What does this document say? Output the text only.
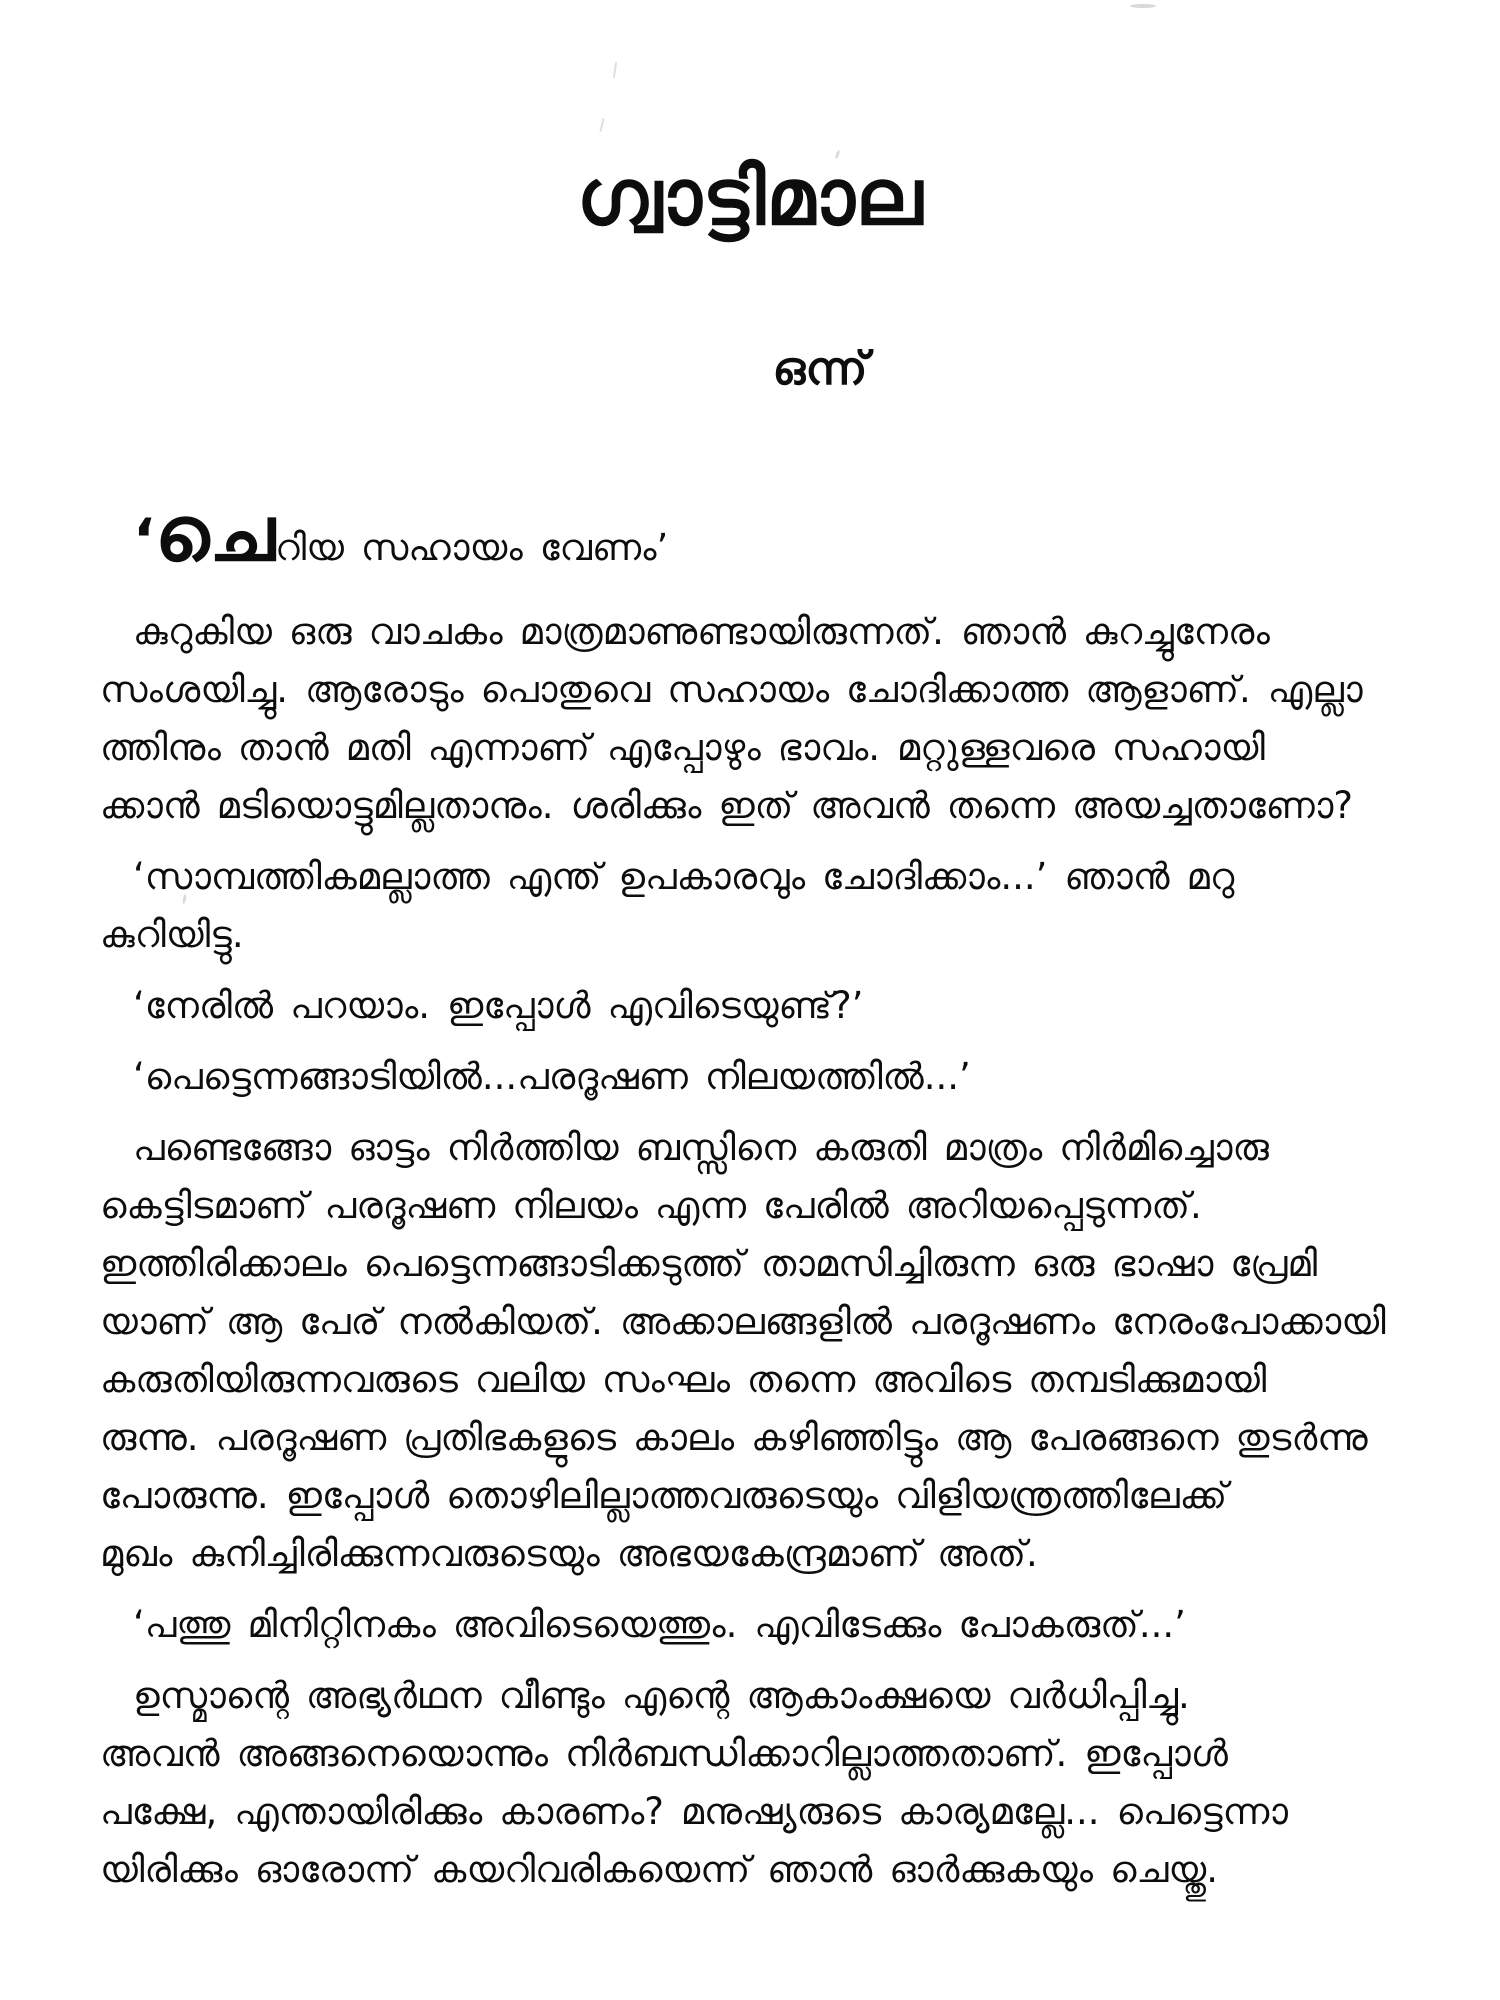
ഗ്വാട്ടിമാല
ഒന്ന്
‘ചെറിയ സഹായം വേണം’
കുറുകിയ ഒരു വാചകം മാത്രമാണുണ്ടായിരുന്നത്. ഞാൻ കുറച്ചുനേരം
സംശയിച്ചു. ആരോടും പൊതുവെ സഹായം ചോദിക്കാത്ത ആളാണ്. എല്ലാ
ത്തിനും താൻ മതി എന്നാണ് എപ്പോഴും ഭാവം. മറ്റുള്ളവരെ സഹായി
ക്കാൻ മടിയൊട്ടുമില്ലതാനും. ശരിക്കും ഇത് അവൻ തന്നെ അയച്ചതാണോ?
‘സാമ്പത്തികമല്ലാത്ത എന്ത് ഉപകാരവും ചോദിക്കാം...’ ഞാൻ മറു
കുറിയിട്ടു.
‘നേരിൽ പറയാം. ഇപ്പോൾ എവിടെയുണ്ട്?’
‘പെട്ടെന്നങ്ങാടിയിൽ...പരദൂഷണ നിലയത്തിൽ...’
പണ്ടെങ്ങോ ഓട്ടം നിർത്തിയ ബസ്സിനെ കരുതി മാത്രം നിർമിച്ചൊരു
കെട്ടിടമാണ് പരദൂഷണ നിലയം എന്ന പേരിൽ അറിയപ്പെടുന്നത്.
ഇത്തിരിക്കാലം പെട്ടെന്നങ്ങാടിക്കടുത്ത് താമസിച്ചിരുന്ന ഒരു ഭാഷാ പ്രേമി
യാണ് ആ പേര് നൽകിയത്. അക്കാലങ്ങളിൽ പരദൂഷണം നേരംപോക്കായി
കരുതിയിരുന്നവരുടെ വലിയ സംഘം തന്നെ അവിടെ തമ്പടിക്കുമായി
രുന്നു. പരദൂഷണ പ്രതിഭകളുടെ കാലം കഴിഞ്ഞിട്ടും ആ പേരങ്ങനെ തുടർന്നു
പോരുന്നു. ഇപ്പോൾ തൊഴിലില്ലാത്തവരുടെയും വിളിയന്ത്രത്തിലേക്ക്
മുഖം കുനിച്ചിരിക്കുന്നവരുടെയും അഭയകേന്ദ്രമാണ് അത്.
‘പത്തു മിനിറ്റിനകം അവിടെയെത്തും. എവിടേക്കും പോകരുത്...’
ഉസ്മാന്റെ അഭ്യർഥന വീണ്ടും എന്റെ ആകാംക്ഷയെ വർധിപ്പിച്ചു.
അവൻ അങ്ങനെയൊന്നും നിർബന്ധിക്കാറില്ലാത്തതാണ്. ഇപ്പോൾ
പക്ഷേ, എന്തായിരിക്കും കാരണം? മനുഷ്യരുടെ കാര്യമല്ലേ... പെട്ടെന്നാ
യിരിക്കും ഓരോന്ന് കയറിവരികയെന്ന് ഞാൻ ഓർക്കുകയും ചെയ്തു.
